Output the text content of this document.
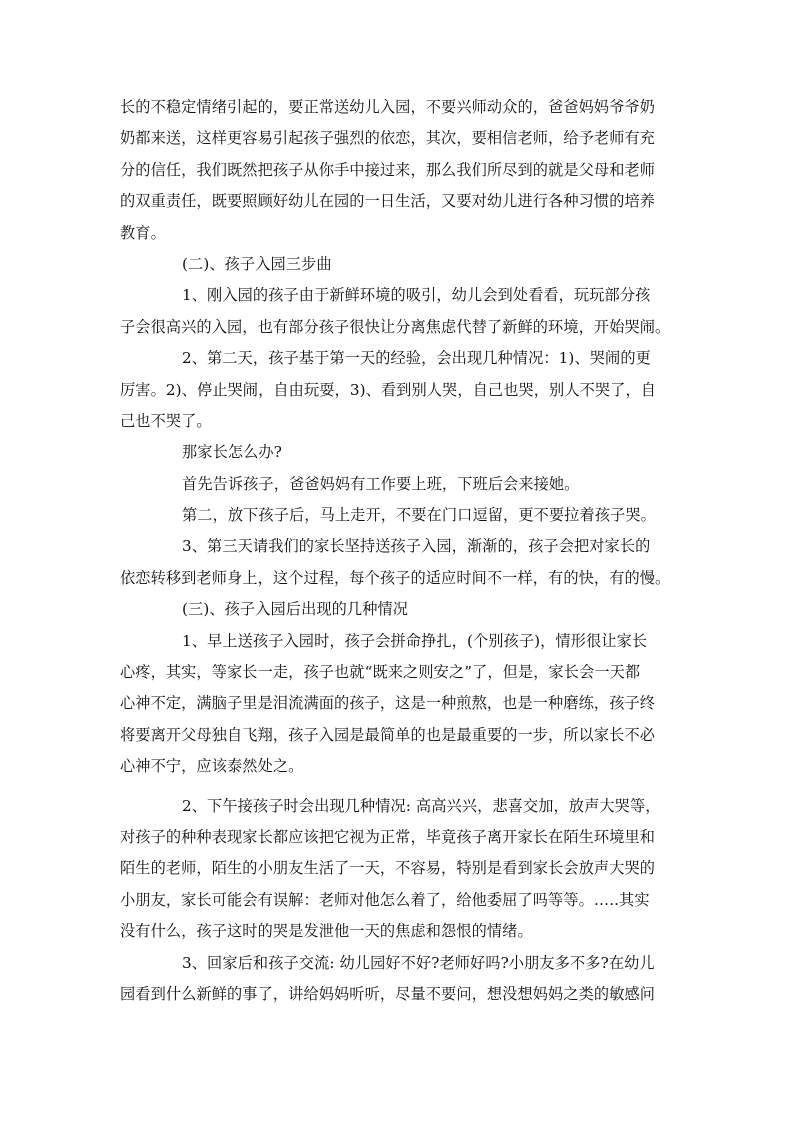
长的不稳定情绪引起的，要正常送幼儿入园，不要兴师动众的，爸爸妈妈爷爷奶
奶都来送，这样更容易引起孩子强烈的依恋，其次，要相信老师，给予老师有充
分的信任，我们既然把孩子从你手中接过来，那么我们所尽到的就是父母和老师
的双重责任，既要照顾好幼儿在园的一日生活，又要对幼儿进行各种习惯的培养
教育。
(二)、孩子入园三步曲
1、刚入园的孩子由于新鲜环境的吸引，幼儿会到处看看，玩玩部分孩
子会很高兴的入园，也有部分孩子很快让分离焦虑代替了新鲜的环境，开始哭闹。
2、第二天，孩子基于第一天的经验，会出现几种情况：1)、哭闹的更
厉害。2)、停止哭闹，自由玩耍，3)、看到别人哭，自己也哭，别人不哭了，自
己也不哭了。
那家长怎么办?
首先告诉孩子，爸爸妈妈有工作要上班，下班后会来接她。
第二，放下孩子后，马上走开，不要在门口逗留，更不要拉着孩子哭。
3、第三天请我们的家长坚持送孩子入园，渐渐的，孩子会把对家长的
依恋转移到老师身上，这个过程，每个孩子的适应时间不一样，有的快，有的慢。
(三)、孩子入园后出现的几种情况
1、早上送孩子入园时，孩子会拼命挣扎，(个别孩子)，情形很让家长
心疼，其实，等家长一走，孩子也就“既来之则安之”了，但是，家长会一天都
心神不定，满脑子里是泪流满面的孩子，这是一种煎熬，也是一种磨练，孩子终
将要离开父母独自飞翔，孩子入园是最简单的也是最重要的一步，所以家长不必
心神不宁，应该泰然处之。
2、下午接孩子时会出现几种情况: 高高兴兴，悲喜交加，放声大哭等，
对孩子的种种表现家长都应该把它视为正常，毕竟孩子离开家长在陌生环境里和
陌生的老师，陌生的小朋友生活了一天，不容易，特别是看到家长会放声大哭的
小朋友，家长可能会有误解：老师对他怎么着了，给他委屈了吗等等。…..其实
没有什么，孩子这时的哭是发泄他一天的焦虑和怨恨的情绪。
3、回家后和孩子交流: 幼儿园好不好?老师好吗?小朋友多不多?在幼儿
园看到什么新鲜的事了，讲给妈妈听听，尽量不要问，想没想妈妈之类的敏感问
